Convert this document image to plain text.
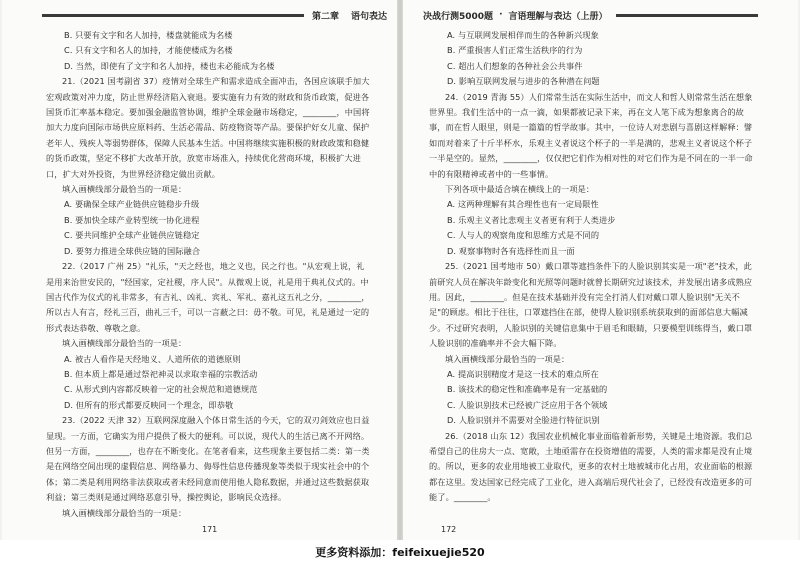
第二章 语句表达

B. 只要有文字和名人加持，楼盘就能成为名楼

C. 只有文字和名人的加持，才能使楼成为名楼

D. 当然，即使有了文字和名人加持，楼也未必能成为名楼

21.（2021 国考副省 37）疫情对全球生产和需求造成全面冲击，各国应该联手加大宏观政策对冲力度，防止世界经济陷入衰退。要实施有力有效的财政和货币政策，促进各国货币汇率基本稳定。要加强金融监管协调，维护全球金融市场稳定，________，中国将加大力度向国际市场供应原料药、生活必需品、防疫物资等产品。要保护好女儿童、保护老年人、残疾人等弱势群体，保障人民基本生活。中国将继续实施积极的财政政策和稳健的货币政策，坚定不移扩大改革开放，放宽市场准入，持续优化营商环境，积极扩大进口，扩大对外投资，为世界经济稳定做出贡献。

填入画横线部分最恰当的一项是：

A. 要确保全球产业链供应链稳步升级

B. 要加快全球产业转型统一协化进程

C. 要共同维护全球产业链供应链稳定

D. 要努力推进全球供应链的国际融合

22.（2017 广州 25）"礼乐，"天之经也，地之义也，民之行也。"从宏观上说，礼是用来治世安民的，"经国家，定社稷，序人民"。从微观上说，礼是用于典礼仪式的。中国古代作为仪式的礼非常多，有吉礼、凶礼、宾礼、军礼、嘉礼这五礼之分，________，所以古人有言，经礼三百，曲礼三千，可以一言蔽之曰：毋不敬。可见，礼是通过一定的形式表达恭敬、尊敬之意。

填入画横线部分最恰当的一项是：

A. 被古人看作是天经地义、人道所依的道德原则

B. 但本质上都是通过祭祀神灵以求取幸福的宗教活动

C. 从形式到内容都反映着一定的社会规范和道德规范

D. 但所有的形式都要反映同一个理念，即恭敬

23.（2022 天津 32）互联网深度融入个体日常生活的今天，它的双刃剑效应也日益显现。一方面，它确实为用户提供了极大的便利。可以说，现代人的生活已离不开网络。但另一方面，________，也存在不断变化。在笔者看来，这些现象主要包括二类：第一类是在网络空间出现的虚假信息、网络暴力、侮辱性信息传播现象等类似于现实社会中的个体；第二类是利用网络非法获取或者未经同意而使用他人隐私数据，并通过这些数据获取利益；第三类则是通过网络恶意引导，操控舆论，影响民众选择。

填入画横线部分最恰当的一项是：

171
决战行测5000题 · 言语理解与表达（上册）

A. 与互联网发展相伴而生的各种新兴现象

B. 严重损害人们正常生活秩序的行为

C. 超出人们想象的各种社会公共事件

D. 影响互联网发展与进步的各种潜在问题

24.（2019 青海 55）人们常常生活在实际生活中，而文人和哲人则常常生活在想象世界里。我们生活中的一点一滴，如果都被记录下来，再在文人笔下成为想象离合的故事，而在哲人眼里，则是一篇篇的哲学故事。其中，一位诗人对悲剧与喜剧这样解释：譬如而对着来了十斤半杯水，乐观主义者说这个杯子的一半是满的，悲观主义者说这个杯子一半是空的。显然，________，仅仅把它们作为相对性的对它们作为是不同在的一半一命中的有限精神或者中的一些事情。

下列各项中最适合填在横线上的一项是：

A. 这两种理解有其合理性也有一定局限性

B. 乐观主义者比悲观主义者更有利于人类进步

C. 人与人的观察角度和思维方式是不同的

D. 观察事物时各有选择性而且一面

25.（2021 国考地市 50）戴口罩等遮挡条件下的人脸识别其实是一项"老"技术，此前研究人员在解决年龄变化和光照等问题时就曾长期研究过该技术，并发展出诸多成熟应用。因此，________。但是在技术基础并没有完全打消人们对戴口罩人脸识别"无关不足"的顾虑。相比于往往，口罩遮挡住在部，使得人脸识别系统获取到的面部信息大幅减少。不过研究表明，人脸识别的关键信息集中于眉毛和眼睛，只要模型训练得当，戴口罩人脸识别的准确率并不会大幅下降。

填入画横线部分最恰当的一项是：

A. 提高识别精度才是这一技术的难点所在

B. 该技术的稳定性和准确率是有一定基础的

C. 人脸识别技术已经被广泛应用于各个领域

D. 人脸识别并不需要对全脸进行特征识别

26.（2018 山东 12）我国农业机械化事业面临着新形势，关键是土地资源。我们总希望自己的住房大一点、宽敞，土地亟需存在投资增值的需要，人类的需求都是没有止境的。所以，更多的农业用地被工业取代，更多的农村土地被城市化占用，农业面临的根源都在这里。发达国家已经完成了工业化，进入高端后现代社会了，已经没有改造更多的可能了。________。

172
更多资料添加：feifeixuejie520
